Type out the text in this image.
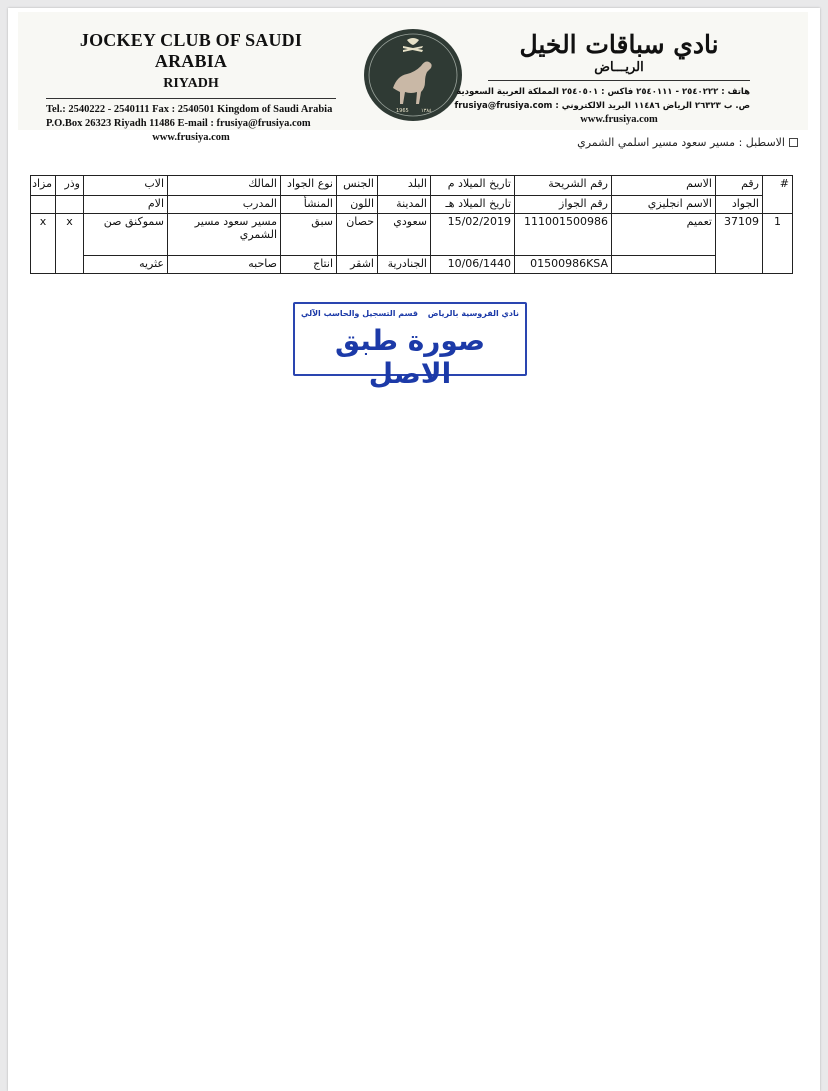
JOCKEY CLUB OF SAUDI ARABIA
RIYADH
Tel.: 2540222 - 2540111 Fax : 2540501 Kingdom of Saudi Arabia
P.O.Box 26323 Riyadh 11486 E-mail : frusiya@frusiya.com
www.frusiya.com
1965 ١٣٨٤
نادي سباقات الخيل
الريـــاض
هاتف : ٢٥٤٠٢٢٢ - ٢٥٤٠١١١ فاكس : ٢٥٤٠٥٠١ المملكة العربية السعودية
ص. ب ٢٦٣٢٣ الرياض ١١٤٨٦ البريد الالكتروني : frusiya@frusiya.com
www.frusiya.com
الاسطبل : مسير سعود مسير اسلمي الشمري
مزاد	وذر	الاب	المالك	نوع الجواد	الجنس	البلد	تاريخ الميلاد م	رقم الشريحة	الاسم	رقم	#
		الام	المدرب	المنشأ	اللون	المدينة	تاريخ الميلاد هـ	رقم الجواز	الاسم انجليزي	الجواد	
x	x	سموكنق صن	مسير سعود مسير الشمري	سبق	حصان	سعودي	15/02/2019	111001500986	تعميم	37109	1
		عثريه	صاحبه	انتاج	اشقر	الجنادرية	10/06/1440	01500986KSA			
نادي الفروسية بالرياض
قسم التسجيل والحاسب الآلي
صورة طبق الاصل
